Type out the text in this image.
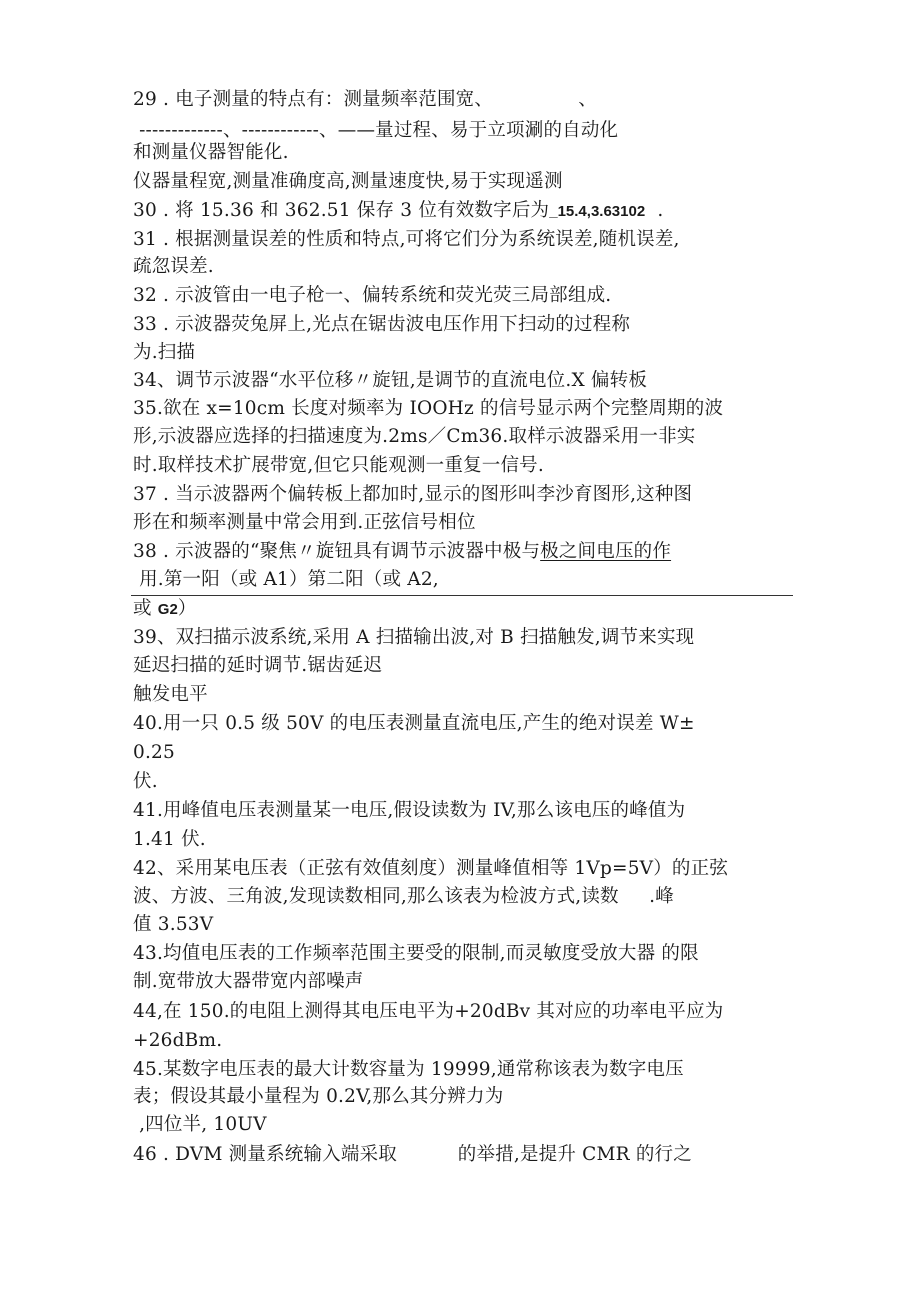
29 . 电子测量的特点有：测量频率范围宽、              、

-------------、------------、——量过程、易于立项涮的自动化

和测量仪器智能化.

仪器量程宽,测量准确度高,测量速度快,易于实现遥测

30 . 将 15.36 和 362.51 保存 3 位有效数字后为_15.4,3.63102  .

31 . 根据测量误差的性质和特点,可将它们分为系统误差,随机误差,

疏忽误差.

32 . 示波管由一电子枪一、偏转系统和荧光荧三局部组成.

33 . 示波器荧兔屏上,光点在锯齿波电压作用下扫动的过程称

为.扫描

34、调节示波器“水平位移〃旋钮,是调节的直流电位.X 偏转板

35.欲在 x=10cm 长度对频率为 IOOHz 的信号显示两个完整周期的波

形,示波器应选择的扫描速度为.2ms／Cm36.取样示波器采用一非实

时.取样技术扩展带宽,但它只能观测一重复一信号.

37 . 当示波器两个偏转板上都加时,显示的图形叫李沙育图形,这种图

形在和频率测量中常会用到.正弦信号相位

38 . 示波器的“聚焦〃旋钮具有调节示波器中极与极之间电压的作

用.第一阳（或 A1）第二阳（或 A2,

或 G2）

39、双扫描示波系统,采用 A 扫描输出波,对 B 扫描触发,调节来实现

延迟扫描的延时调节.锯齿延迟

触发电平

40.用一只 0.5 级 50V 的电压表测量直流电压,产生的绝对误差 W±

0.25

伏.

41.用峰值电压表测量某一电压,假设读数为 IV,那么该电压的峰值为

1.41 伏.

42、采用某电压表（正弦有效值刻度）测量峰值相等 1Vp=5V）的正弦

波、方波、三角波,发现读数相同,那么该表为检波方式,读数     .峰

值 3.53V

43.均值电压表的工作频率范围主要受的限制,而灵敏度受放大器 的限

制.宽带放大器带宽内部噪声

44,在 150.的电阻上测得其电压电平为+20dBv 其对应的功率电平应为

+26dBm.

45.某数字电压表的最大计数容量为 19999,通常称该表为数字电压

表；假设其最小量程为 0.2V,那么其分辨力为

,四位半, 10UV

46 . DVM 测量系统输入端采取          的举措,是提升 CMR 的行之
